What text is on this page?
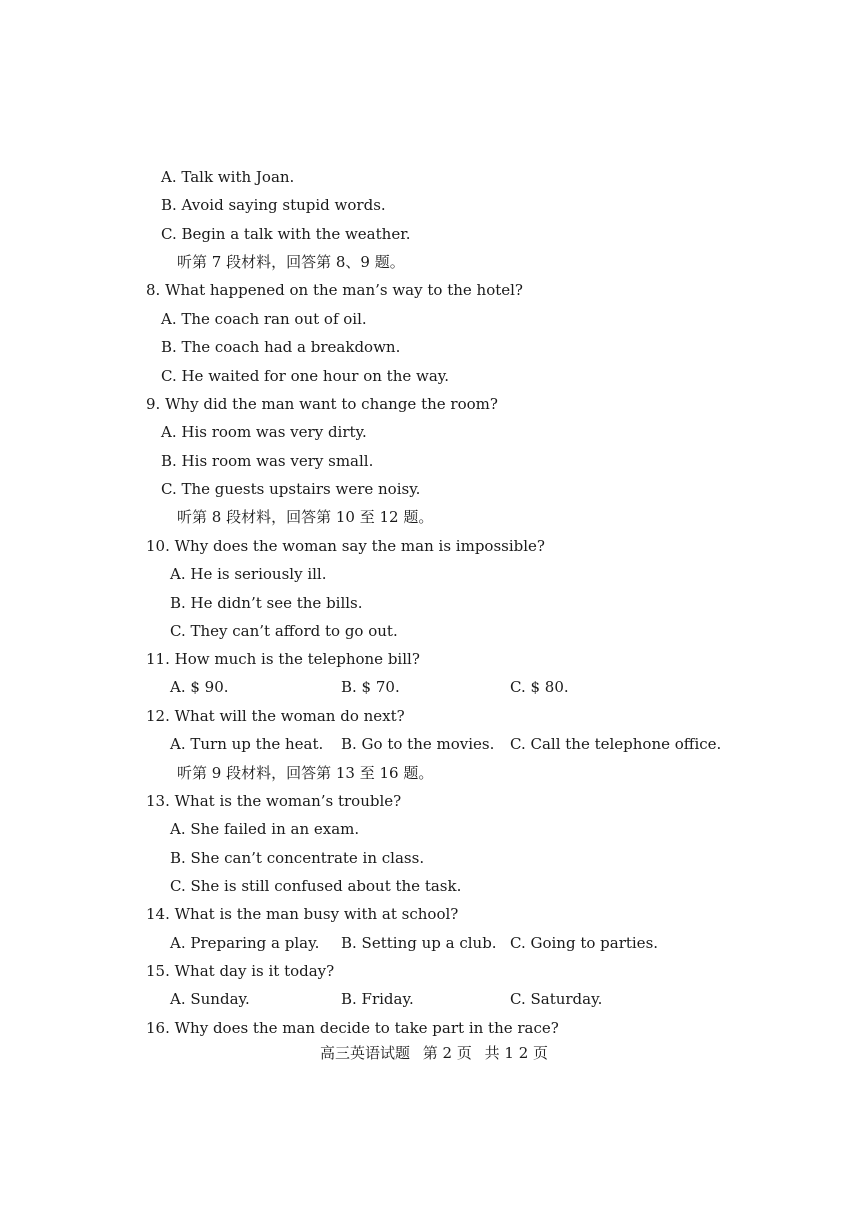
A. Talk with Joan.
B. Avoid saying stupid words.
C. Begin a talk with the weather.
听第 7 段材料，回答第 8、9 题。
8. What happened on the man’s way to the hotel?
A. The coach ran out of oil.
B. The coach had a breakdown.
C. He waited for one hour on the way.
9. Why did the man want to change the room?
A. His room was very dirty.
B. His room was very small.
C. The guests upstairs were noisy.
听第 8 段材料，回答第 10 至 12 题。
10. Why does the woman say the man is impossible?
A. He is seriously ill.
B. He didn’t see the bills.
C. They can’t afford to go out.
11. How much is the telephone bill?
A. $ 90.	B. $ 70.	C. $ 80.
12. What will the woman do next?
A. Turn up the heat. B. Go to the movies. C. Call the telephone office.
听第 9 段材料，回答第 13 至 16 题。
13. What is the woman’s trouble?
A. She failed in an exam.
B. She can’t concentrate in class.
C. She is still confused about the task.
14. What is the man busy with at school?
A. Preparing a play. B. Setting up a club. C. Going to parties.
15. What day is it today?
A. Sunday.	B. Friday.	C. Saturday.
16. Why does the man decide to take part in the race?
高三英语试题 第 2 页 共 1 2 页
